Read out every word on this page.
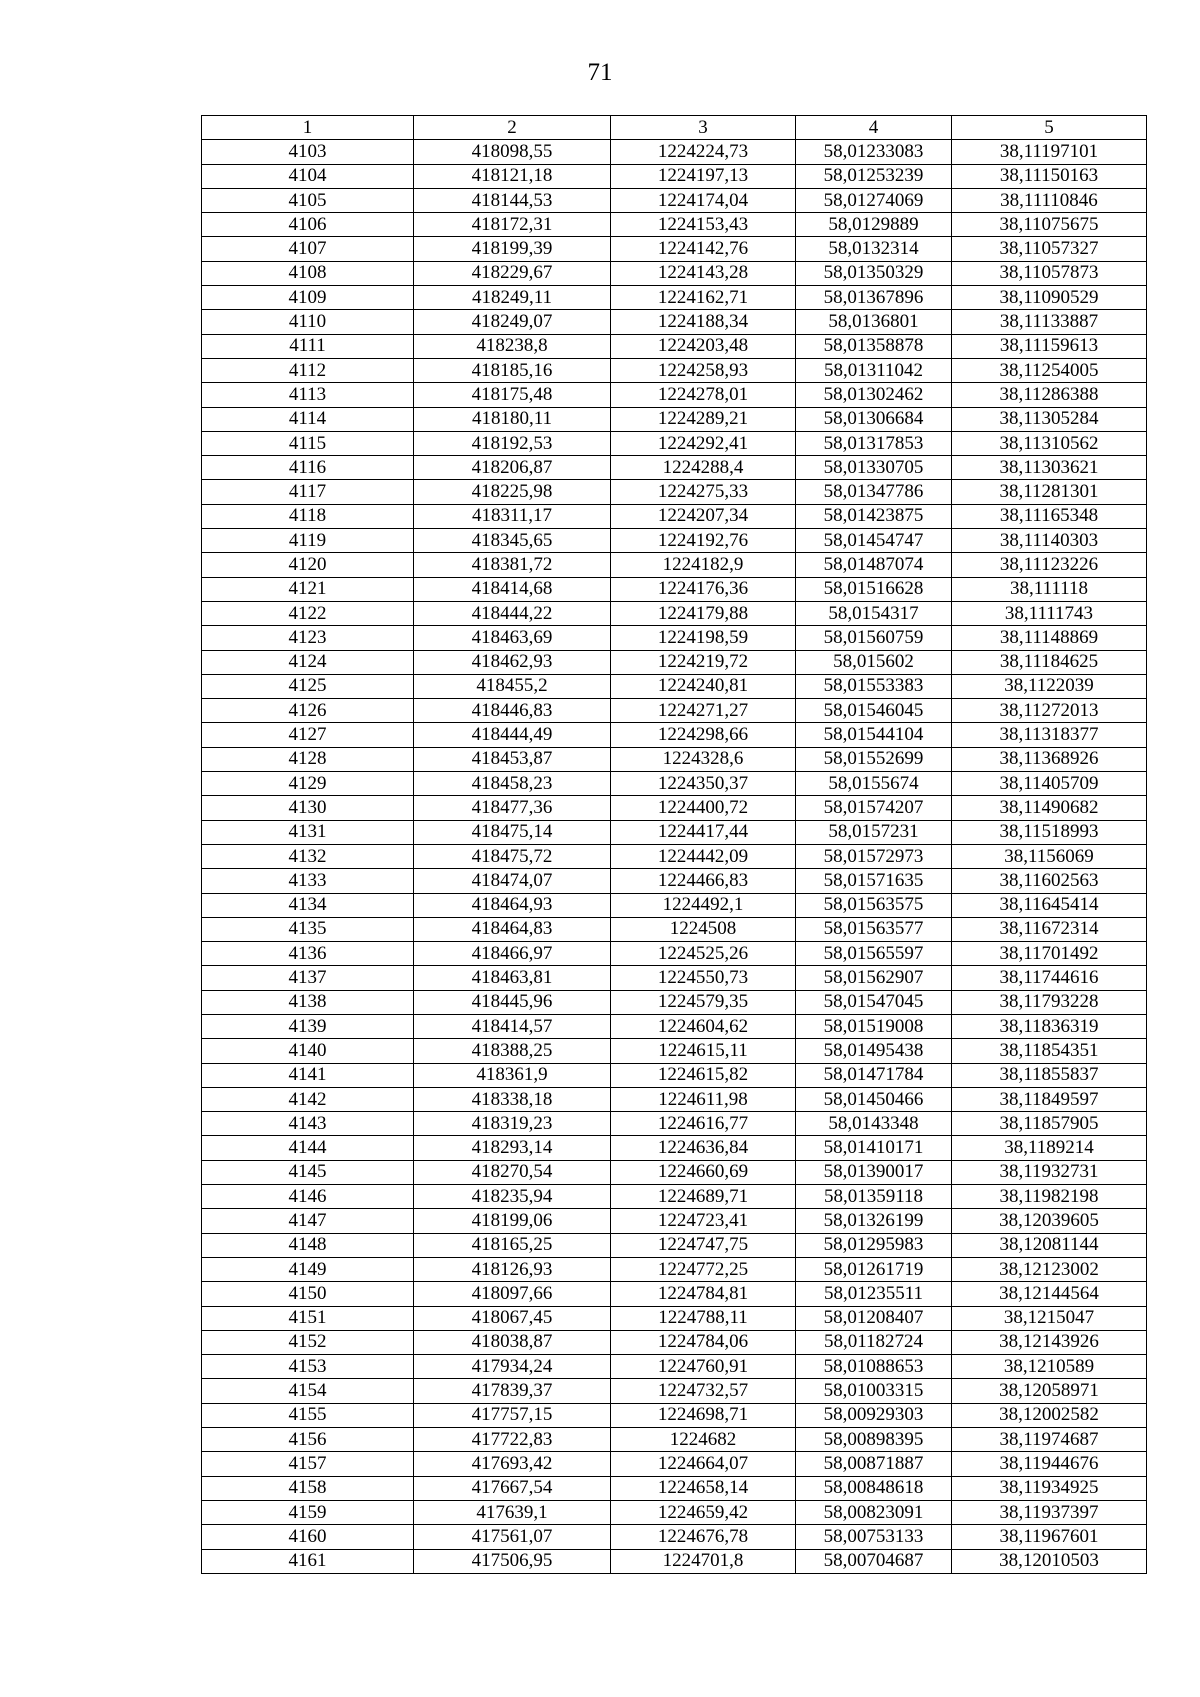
71
1	2	3	4	5
4103	418098,55	1224224,73	58,01233083	38,11197101
4104	418121,18	1224197,13	58,01253239	38,11150163
4105	418144,53	1224174,04	58,01274069	38,11110846
4106	418172,31	1224153,43	58,0129889	38,11075675
4107	418199,39	1224142,76	58,0132314	38,11057327
4108	418229,67	1224143,28	58,01350329	38,11057873
4109	418249,11	1224162,71	58,01367896	38,11090529
4110	418249,07	1224188,34	58,0136801	38,11133887
4111	418238,8	1224203,48	58,01358878	38,11159613
4112	418185,16	1224258,93	58,01311042	38,11254005
4113	418175,48	1224278,01	58,01302462	38,11286388
4114	418180,11	1224289,21	58,01306684	38,11305284
4115	418192,53	1224292,41	58,01317853	38,11310562
4116	418206,87	1224288,4	58,01330705	38,11303621
4117	418225,98	1224275,33	58,01347786	38,11281301
4118	418311,17	1224207,34	58,01423875	38,11165348
4119	418345,65	1224192,76	58,01454747	38,11140303
4120	418381,72	1224182,9	58,01487074	38,11123226
4121	418414,68	1224176,36	58,01516628	38,111118
4122	418444,22	1224179,88	58,0154317	38,1111743
4123	418463,69	1224198,59	58,01560759	38,11148869
4124	418462,93	1224219,72	58,015602	38,11184625
4125	418455,2	1224240,81	58,01553383	38,1122039
4126	418446,83	1224271,27	58,01546045	38,11272013
4127	418444,49	1224298,66	58,01544104	38,11318377
4128	418453,87	1224328,6	58,01552699	38,11368926
4129	418458,23	1224350,37	58,0155674	38,11405709
4130	418477,36	1224400,72	58,01574207	38,11490682
4131	418475,14	1224417,44	58,0157231	38,11518993
4132	418475,72	1224442,09	58,01572973	38,1156069
4133	418474,07	1224466,83	58,01571635	38,11602563
4134	418464,93	1224492,1	58,01563575	38,11645414
4135	418464,83	1224508	58,01563577	38,11672314
4136	418466,97	1224525,26	58,01565597	38,11701492
4137	418463,81	1224550,73	58,01562907	38,11744616
4138	418445,96	1224579,35	58,01547045	38,11793228
4139	418414,57	1224604,62	58,01519008	38,11836319
4140	418388,25	1224615,11	58,01495438	38,11854351
4141	418361,9	1224615,82	58,01471784	38,11855837
4142	418338,18	1224611,98	58,01450466	38,11849597
4143	418319,23	1224616,77	58,0143348	38,11857905
4144	418293,14	1224636,84	58,01410171	38,1189214
4145	418270,54	1224660,69	58,01390017	38,11932731
4146	418235,94	1224689,71	58,01359118	38,11982198
4147	418199,06	1224723,41	58,01326199	38,12039605
4148	418165,25	1224747,75	58,01295983	38,12081144
4149	418126,93	1224772,25	58,01261719	38,12123002
4150	418097,66	1224784,81	58,01235511	38,12144564
4151	418067,45	1224788,11	58,01208407	38,1215047
4152	418038,87	1224784,06	58,01182724	38,12143926
4153	417934,24	1224760,91	58,01088653	38,1210589
4154	417839,37	1224732,57	58,01003315	38,12058971
4155	417757,15	1224698,71	58,00929303	38,12002582
4156	417722,83	1224682	58,00898395	38,11974687
4157	417693,42	1224664,07	58,00871887	38,11944676
4158	417667,54	1224658,14	58,00848618	38,11934925
4159	417639,1	1224659,42	58,00823091	38,11937397
4160	417561,07	1224676,78	58,00753133	38,11967601
4161	417506,95	1224701,8	58,00704687	38,12010503
